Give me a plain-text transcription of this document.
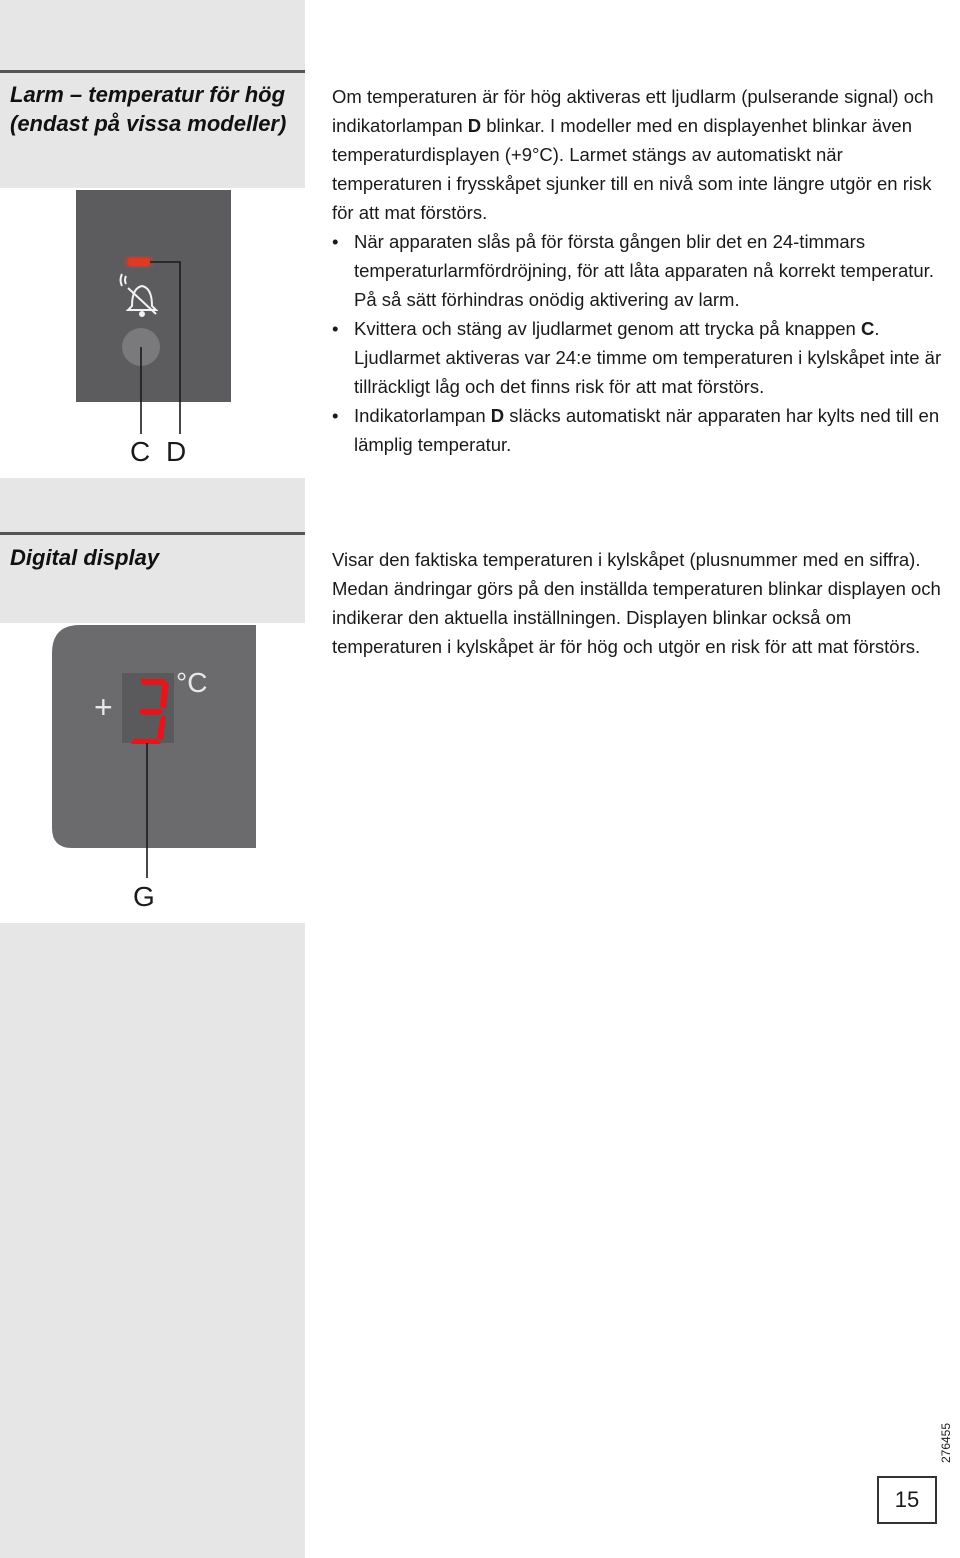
Larm – temperatur för hög (endast på vissa modeller)
C D

Om temperaturen är för hög aktiveras ett ljudlarm (pulserande signal) och indikatorlampan D blinkar. I modeller med en displayenhet blinkar även temperaturdisplayen (+9°C). Larmet stängs av automatiskt när temperaturen i frysskåpet sjunker till en nivå som inte längre utgör en risk för att mat förstörs.

• När apparaten slås på för första gången blir det en 24-timmars temperaturlarmfördröjning, för att låta apparaten nå korrekt temperatur. På så sätt förhindras onödig aktivering av larm.
• Kvittera och stäng av ljudlarmet genom att trycka på knappen C. Ljudlarmet aktiveras var 24:e timme om temperaturen i kylskåpet inte är tillräckligt låg och det finns risk för att mat förstörs.
• Indikatorlampan D släcks automatiskt när apparaten har kylts ned till en lämplig temperatur.
Digital display
+
°C
G

Visar den faktiska temperaturen i kylskåpet (plusnummer med en siffra). Medan ändringar görs på den inställda temperaturen blinkar displayen och indikerar den aktuella inställningen. Displayen blinkar också om temperaturen i kylskåpet är för hög och utgör en risk för att mat förstörs.

15
276455
